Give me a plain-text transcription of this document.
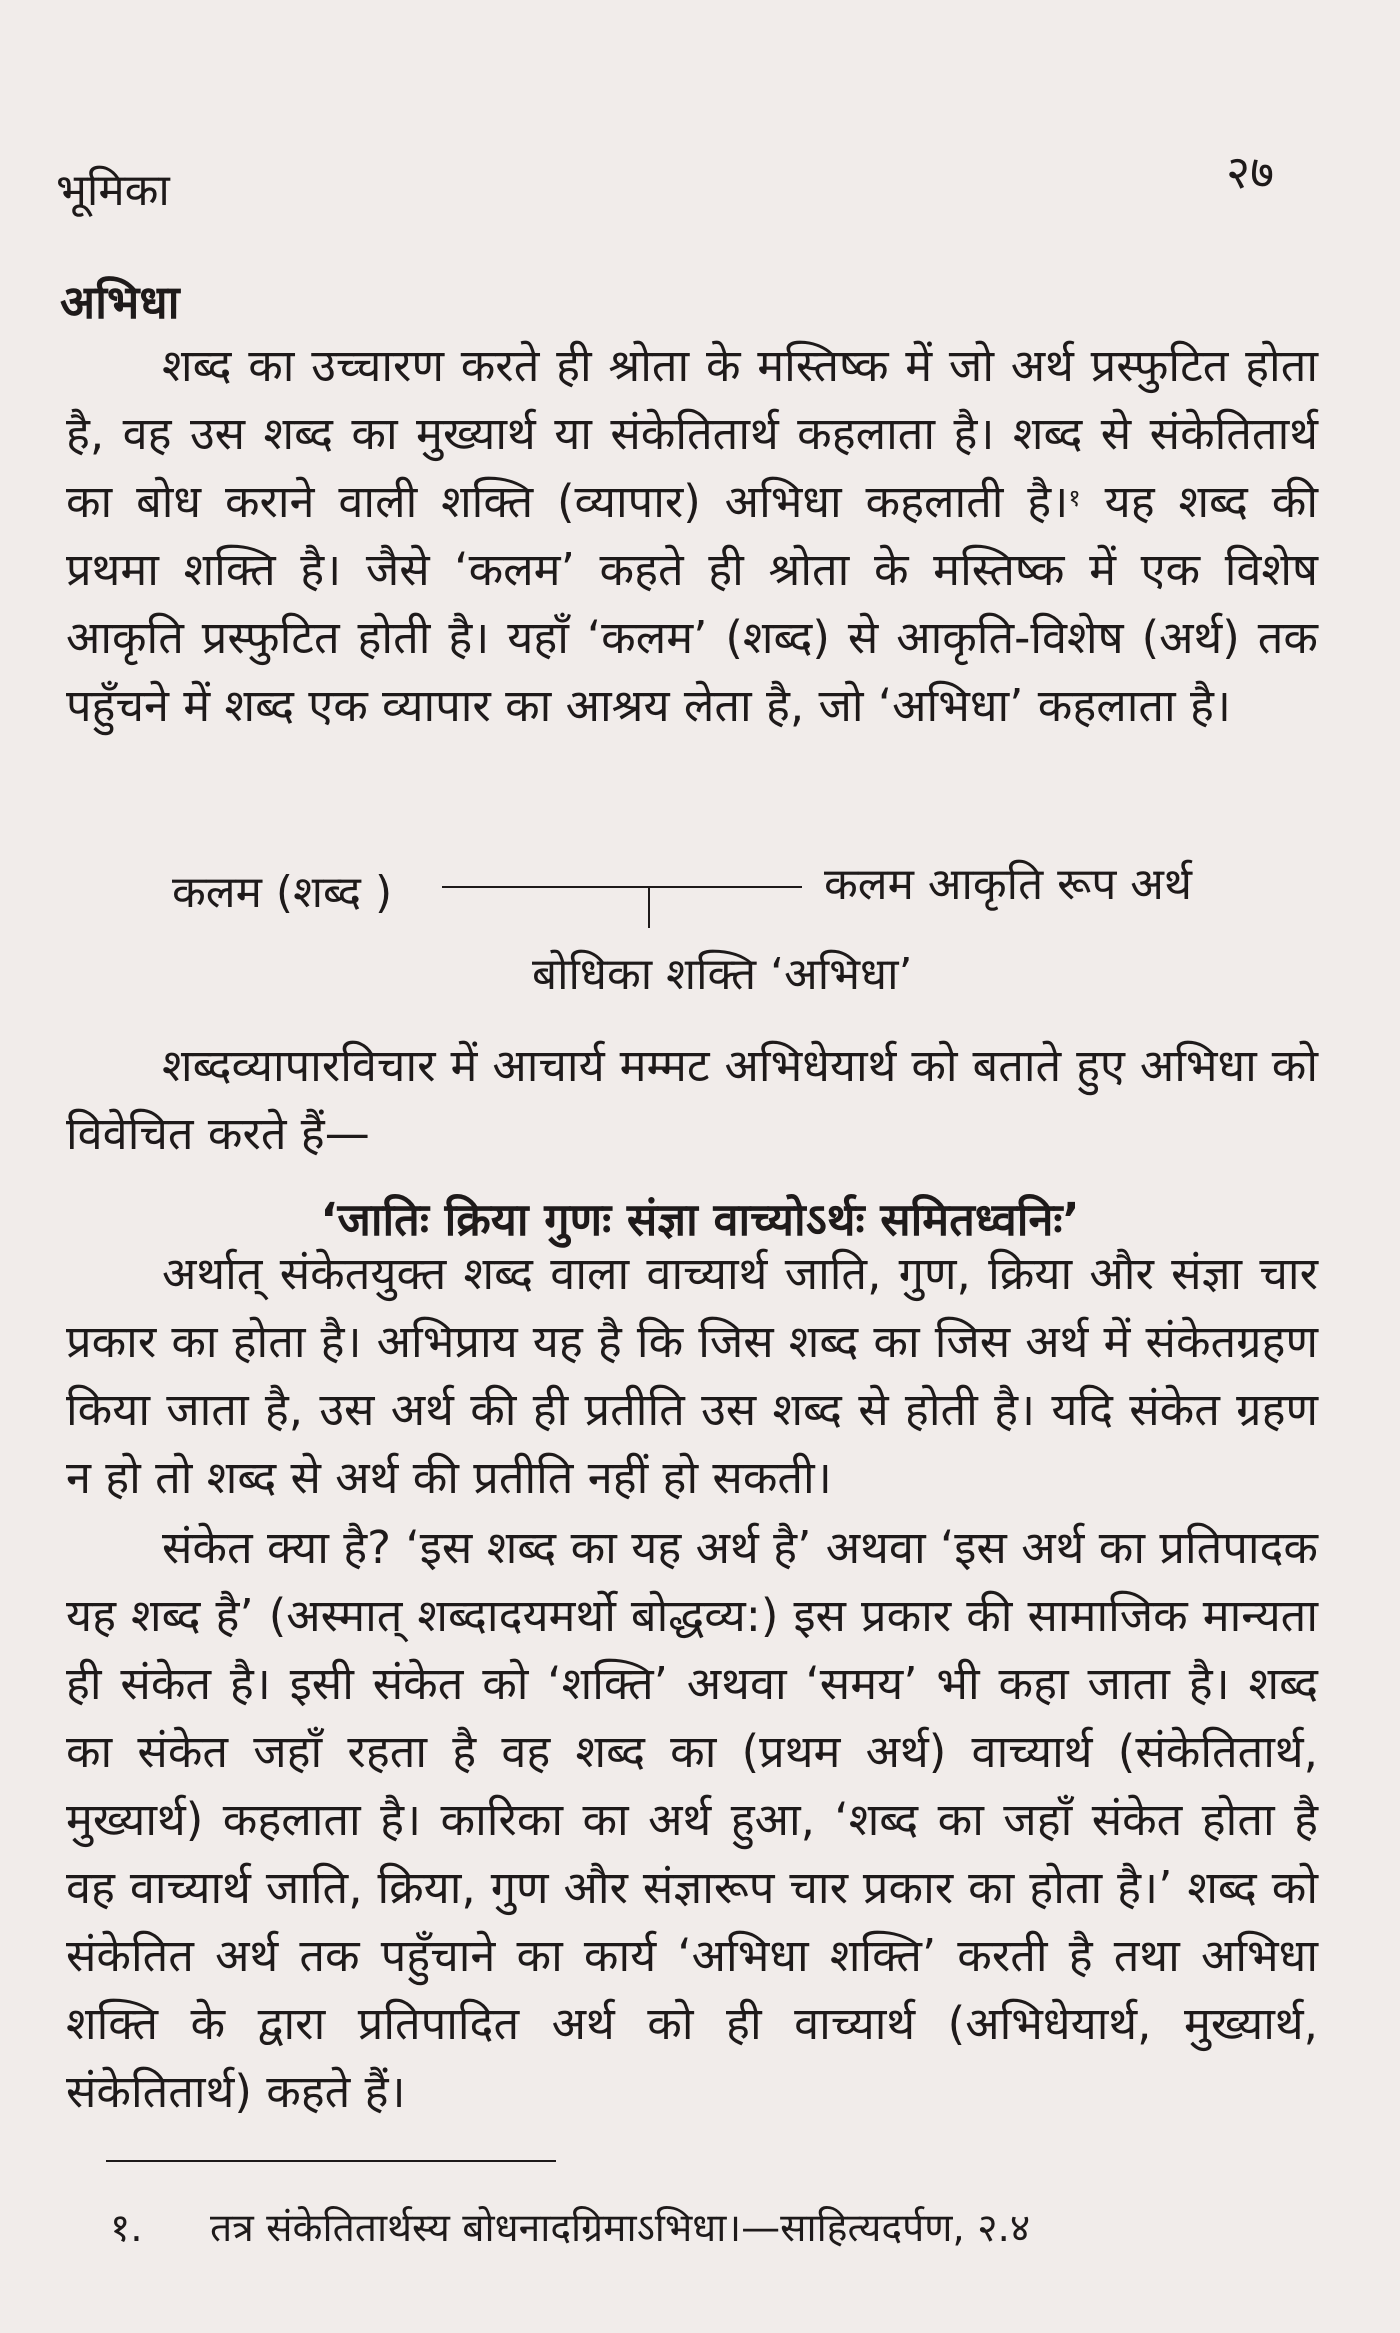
भूमिका	२७
अभिधा

शब्द का उच्चारण करते ही श्रोता के मस्तिष्क में जो अर्थ प्रस्फुटित होता है, वह उस शब्द का मुख्यार्थ या संकेतितार्थ कहलाता है। शब्द से संकेतितार्थ का बोध कराने वाली शक्ति (व्यापार) अभिधा कहलाती है।$^१$ यह शब्द की प्रथमा शक्ति है। जैसे ‘कलम’ कहते ही श्रोता के मस्तिष्क में एक विशेष आकृति प्रस्फुटित होती है। यहाँ ‘कलम’ (शब्द) से आकृति-विशेष (अर्थ) तक पहुँचने में शब्द एक व्यापार का आश्रय लेता है, जो ‘अभिधा’ कहलाता है।

कलम (शब्द )	कलम आकृति रूप अर्थ
बोधिका शक्ति ‘अभिधा’

शब्दव्यापारविचार में आचार्य मम्मट अभिधेयार्थ को बताते हुए अभिधा को विवेचित करते हैं—

‘जातिः क्रिया गुणः संज्ञा वाच्योऽर्थः समितध्वनिः’

अर्थात् संकेतयुक्त शब्द वाला वाच्यार्थ जाति, गुण, क्रिया और संज्ञा चार प्रकार का होता है। अभिप्राय यह है कि जिस शब्द का जिस अर्थ में संकेतग्रहण किया जाता है, उस अर्थ की ही प्रतीति उस शब्द से होती है। यदि संकेत ग्रहण न हो तो शब्द से अर्थ की प्रतीति नहीं हो सकती।

संकेत क्या है? ‘इस शब्द का यह अर्थ है’ अथवा ‘इस अर्थ का प्रतिपादक यह शब्द है’ (अस्मात् शब्दादयमर्थो बोद्धव्य:) इस प्रकार की सामाजिक मान्यता ही संकेत है। इसी संकेत को ‘शक्ति’ अथवा ‘समय’ भी कहा जाता है। शब्द का संकेत जहाँ रहता है वह शब्द का (प्रथम अर्थ) वाच्यार्थ (संकेतितार्थ, मुख्यार्थ) कहलाता है। कारिका का अर्थ हुआ, ‘शब्द का जहाँ संकेत होता है वह वाच्यार्थ जाति, क्रिया, गुण और संज्ञारूप चार प्रकार का होता है।’ शब्द को संकेतित अर्थ तक पहुँचाने का कार्य ‘अभिधा शक्ति’ करती है तथा अभिधा शक्ति के द्वारा प्रतिपादित अर्थ को ही वाच्यार्थ (अभिधेयार्थ, मुख्यार्थ, संकेतितार्थ) कहते हैं।

१. तत्र संकेतितार्थस्य बोधनादग्रिमाऽभिधा।—साहित्यदर्पण, २.४
